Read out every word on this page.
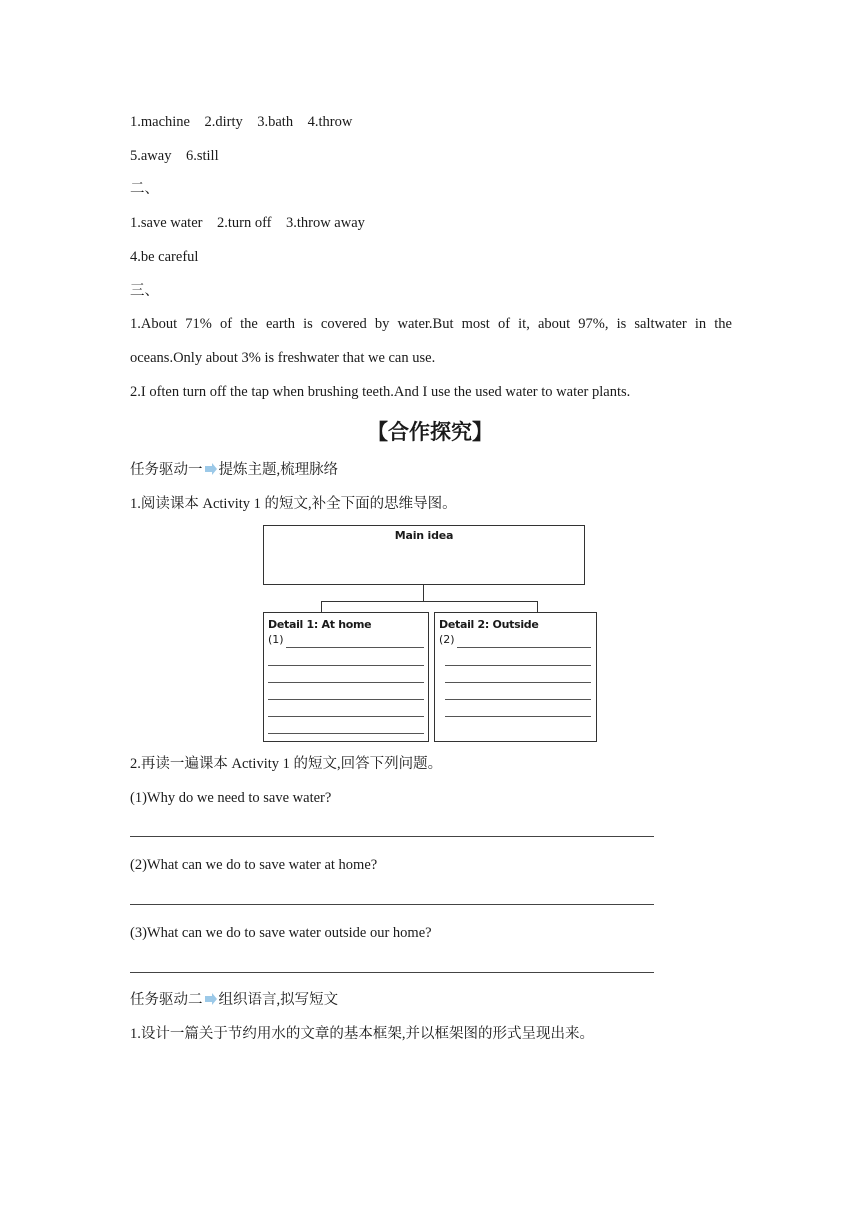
1.machine    2.dirty    3.bath    4.throw
5.away    6.still
二、
1.save water    2.turn off    3.throw away
4.be careful
三、
1.About 71% of the earth is covered by water.But most of it, about 97%, is saltwater in the
oceans.Only about 3% is freshwater that we can use.
2.I often turn off the tap when brushing teeth.And I use the used water to water plants.
【合作探究】
任务驱动一 提炼主题,梳理脉络
1.阅读课本 Activity 1 的短文,补全下面的思维导图。
Main idea
Detail 1: At home
(1)
Detail 2: Outside
(2)
2.再读一遍课本 Activity 1 的短文,回答下列问题。
(1)Why do we need to save water?
(2)What can we do to save water at home?
(3)What can we do to save water outside our home?
任务驱动二 组织语言,拟写短文
1.设计一篇关于节约用水的文章的基本框架,并以框架图的形式呈现出来。
